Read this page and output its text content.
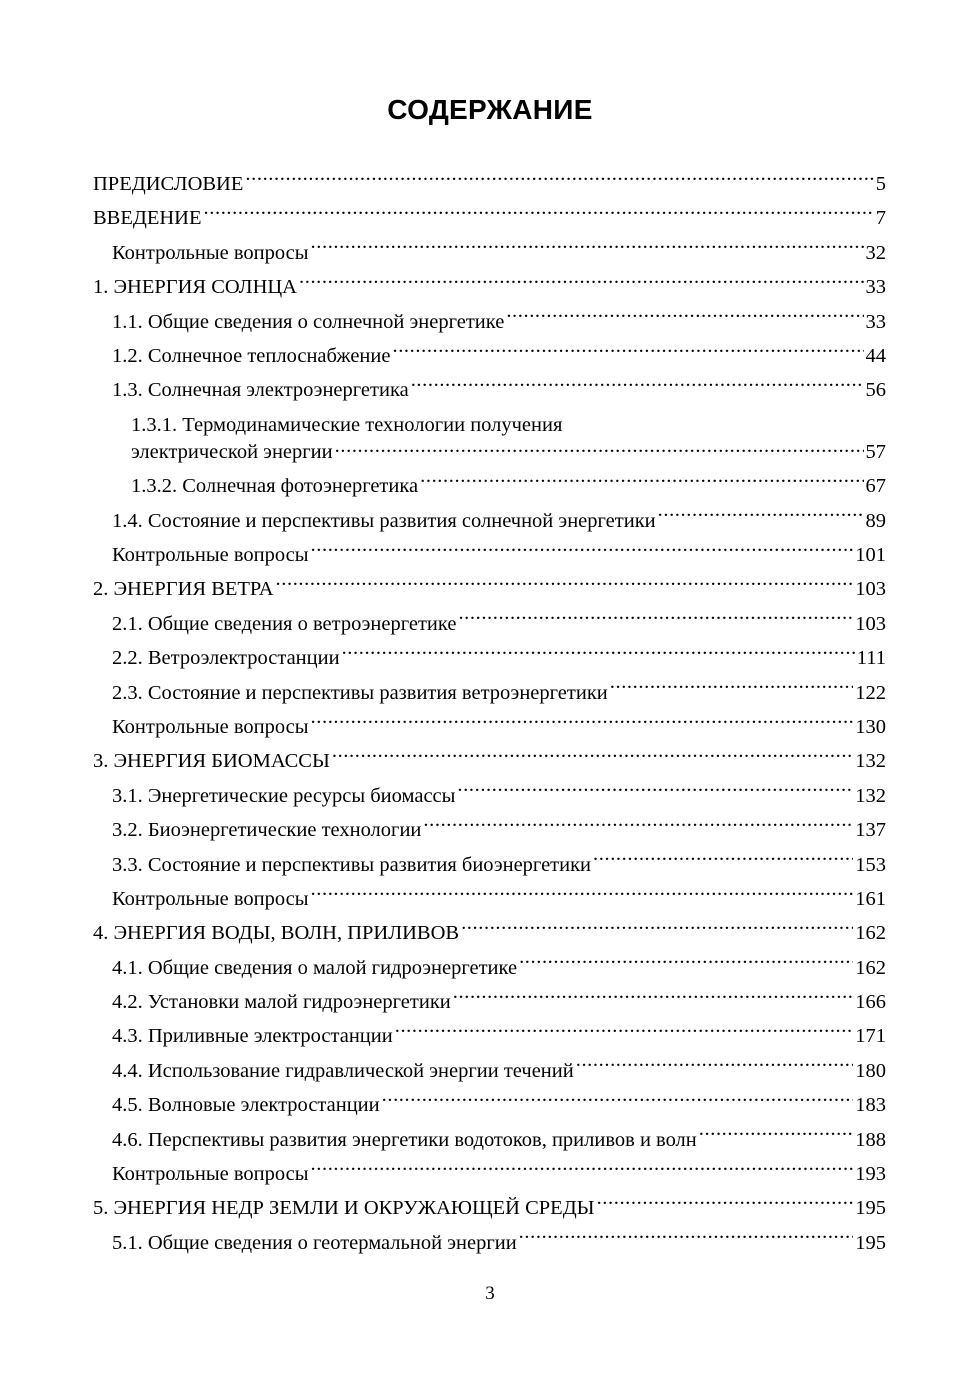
СОДЕРЖАНИЕ
ПРЕДИСЛОВИЕ .....	5
ВВЕДЕНИЕ .....	7
Контрольные вопросы .....	32
1. ЭНЕРГИЯ СОЛНЦА .....	33
1.1. Общие сведения о солнечной энергетике .....	33
1.2. Солнечное теплоснабжение .....	44
1.3. Солнечная электроэнергетика .....	56
1.3.1. Термодинамические технологии получения
электрической энергии .....	57
1.3.2. Солнечная фотоэнергетика .....	67
1.4. Состояние и перспективы развития солнечной энергетики .....	89
Контрольные вопросы .....	101
2. ЭНЕРГИЯ ВЕТРА .....	103
2.1. Общие сведения о ветроэнергетике .....	103
2.2. Ветроэлектростанции .....	111
2.3. Состояние и перспективы развития ветроэнергетики .....	122
Контрольные вопросы .....	130
3. ЭНЕРГИЯ БИОМАССЫ .....	132
3.1. Энергетические ресурсы биомассы .....	132
3.2. Биоэнергетические технологии .....	137
3.3. Состояние и перспективы развития биоэнергетики .....	153
Контрольные вопросы .....	161
4. ЭНЕРГИЯ ВОДЫ, ВОЛН, ПРИЛИВОВ .....	162
4.1. Общие сведения о малой гидроэнергетике .....	162
4.2. Установки малой гидроэнергетики .....	166
4.3. Приливные электростанции .....	171
4.4. Использование гидравлической энергии течений .....	180
4.5. Волновые электростанции .....	183
4.6. Перспективы развития энергетики водотоков, приливов и волн .....	188
Контрольные вопросы .....	193
5. ЭНЕРГИЯ НЕДР ЗЕМЛИ И ОКРУЖАЮЩЕЙ СРЕДЫ .....	195
5.1. Общие сведения о геотермальной энергии .....	195
3
